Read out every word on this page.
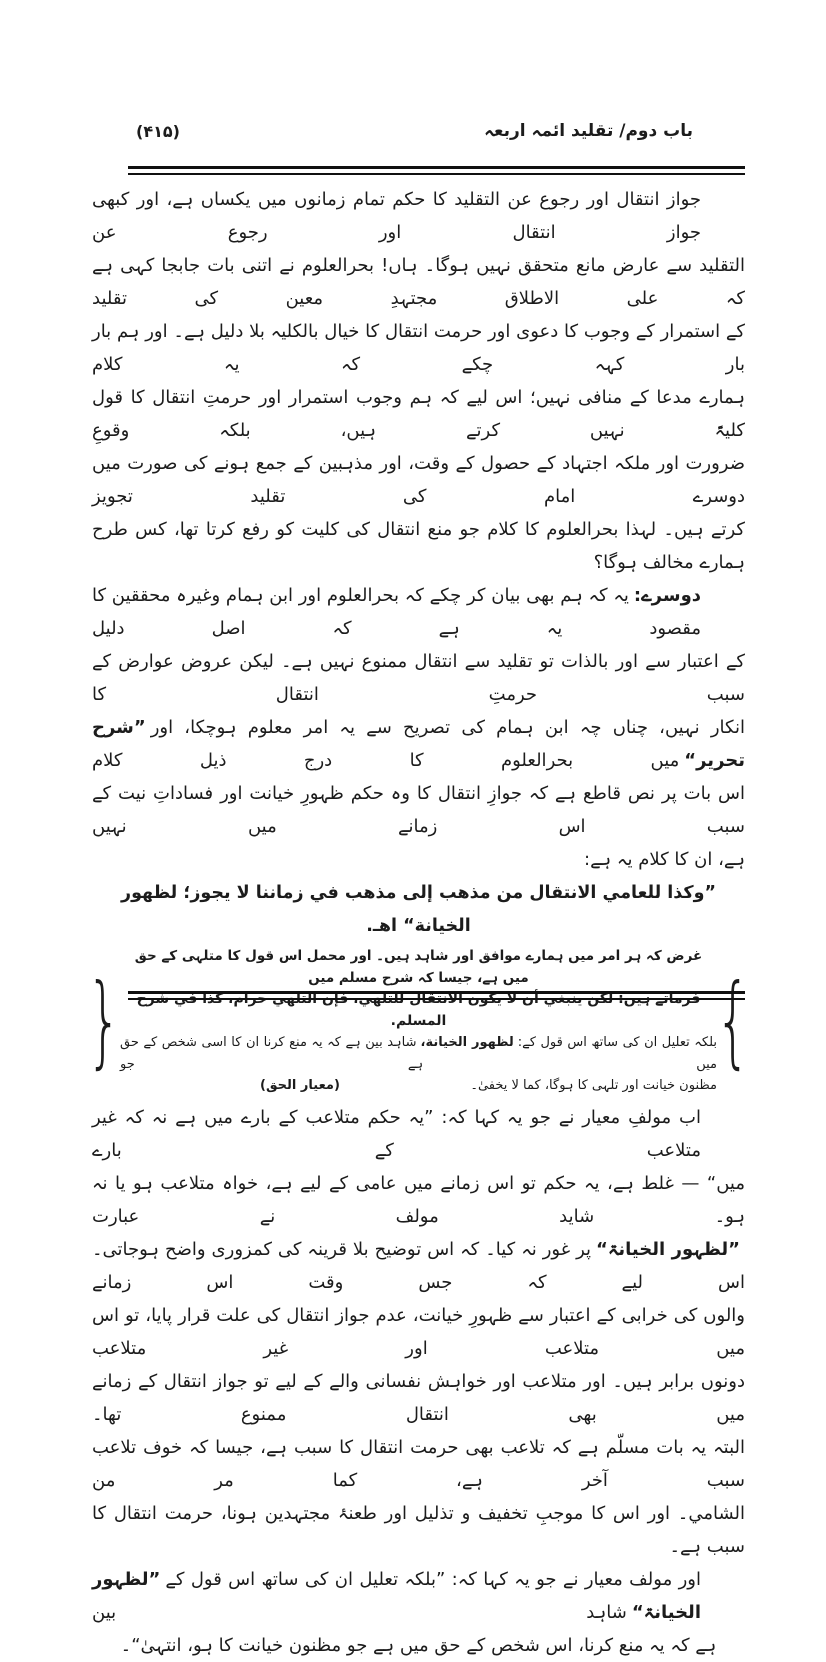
(۴۱۵)	باب دوم/ تقلید ائمہ اربعہ
جواز انتقال اور رجوع عن التقلید کا حکم تمام زمانوں میں یکساں ہے، اور کبھی جواز انتقال اور رجوع عن
التقلید سے عارض مانع متحقق نہیں ہوگا۔ ہاں! بحرالعلوم نے اتنی بات جابجا کہی ہے کہ علی الاطلاق مجتہدِ معین کی تقلید
کے استمرار کے وجوب کا دعوی اور حرمت انتقال کا خیال بالکلیہ بلا دلیل ہے۔ اور ہم بار بار کہہ چکے کہ یہ کلام
ہمارے مدعا کے منافی نہیں؛ اس لیے کہ ہم وجوب استمرار اور حرمتِ انتقال کا قول کلیۃً نہیں کرتے ہیں، بلکہ وقوعِ
ضرورت اور ملکہ اجتہاد کے حصول کے وقت، اور مذہبین کے جمع ہونے کی صورت میں دوسرے امام کی تقلید تجویز
کرتے ہیں۔ لہذا بحرالعلوم کا کلام جو منع انتقال کی کلیت کو رفع کرتا تھا، کس طرح ہمارے مخالف ہوگا؟
دوسرے:یہ کہ ہم بھی بیان کر چکے کہ بحرالعلوم اور ابن ہمام وغیرہ محققین کا مقصود یہ ہے کہ اصل دلیل
کے اعتبار سے اور بالذات تو تقلید سے انتقال ممنوع نہیں ہے۔ لیکن عروض عوارض کے سبب حرمتِ انتقال کا
انکار نہیں، چناں چہ ابن ہمام کی تصریح سے یہ امر معلوم ہوچکا، اور”شرح تحریر“میں بحرالعلوم کا درج ذیل کلام
اس بات پر نص قاطع ہے کہ جوازِ انتقال کا وہ حکم ظہورِ خیانت اور فساداتِ نیت کے سبب اس زمانے میں نہیں
ہے، ان کا کلام یہ ہے:
”وكذا للعامي الانتقال من مذهب إلى مذهب في زماننا لا يجوز؛ لظهور الخيانة“ اهـ.
}
غرض کہ ہر امر میں ہمارے موافق اور شاہد ہیں۔ اور محمل اس قول کا متلہی کے حق میں ہے، جیسا کہ شرح مسلم میں
فرماتے ہیں: لکن ینبغي أن لا یکون الانتقال للتلهي، فإن التلهي حرام، كذا في شرح المسلم.
بلکہ تعلیل ان کی ساتھ اس قول کے:لظهور الخيانة،شاہد بین ہے کہ یہ منع کرنا ان کا اسی شخص کے حق میں ہے جو
مظنون خیانت اور تلہی کا ہوگا، کما لا یخفیٰ۔
(معیار الحق)
{
اب مولفِ معیار نے جو یہ کہا کہ: ”یہ حکم متلاعب کے بارے میں ہے نہ کہ غیر متلاعب کے بارے
میں“ — غلط ہے، یہ حکم تو اس زمانے میں عامی کے لیے ہے، خواہ متلاعب ہو یا نہ ہو۔ شاید مولف نے عبارت
”لظہور الخیانۃ“پر غور نہ کیا۔ کہ اس توضیح بلا قرینہ کی کمزوری واضح ہوجاتی۔ اس لیے کہ جس وقت اس زمانے
والوں کی خرابی کے اعتبار سے ظہورِ خیانت، عدم جواز انتقال کی علت قرار پایا، تو اس میں متلاعب اور غیر متلاعب
دونوں برابر ہیں۔ اور متلاعب اور خواہش نفسانی والے کے لیے تو جواز انتقال کے زمانے میں بھی انتقال ممنوع تھا۔
البتہ یہ بات مسلّم ہے کہ تلاعب بھی حرمت انتقال کا سبب ہے، جیسا کہ خوف تلاعب سبب آخر ہے، کما مر من
الشامي۔ اور اس کا موجبِ تخفیف و تذلیل اور طعنۂ مجتہدین ہونا، حرمت انتقال کا سبب ہے۔
اور مولف معیار نے جو یہ کہا کہ: ”بلکہ تعلیل ان کی ساتھ اس قول کے”لظہور الخیانۃ“شاہد بین
ہے کہ یہ منع کرنا، اس شخص کے حق میں ہے جو مظنون خیانت کا ہو، انتہیٰ“۔
